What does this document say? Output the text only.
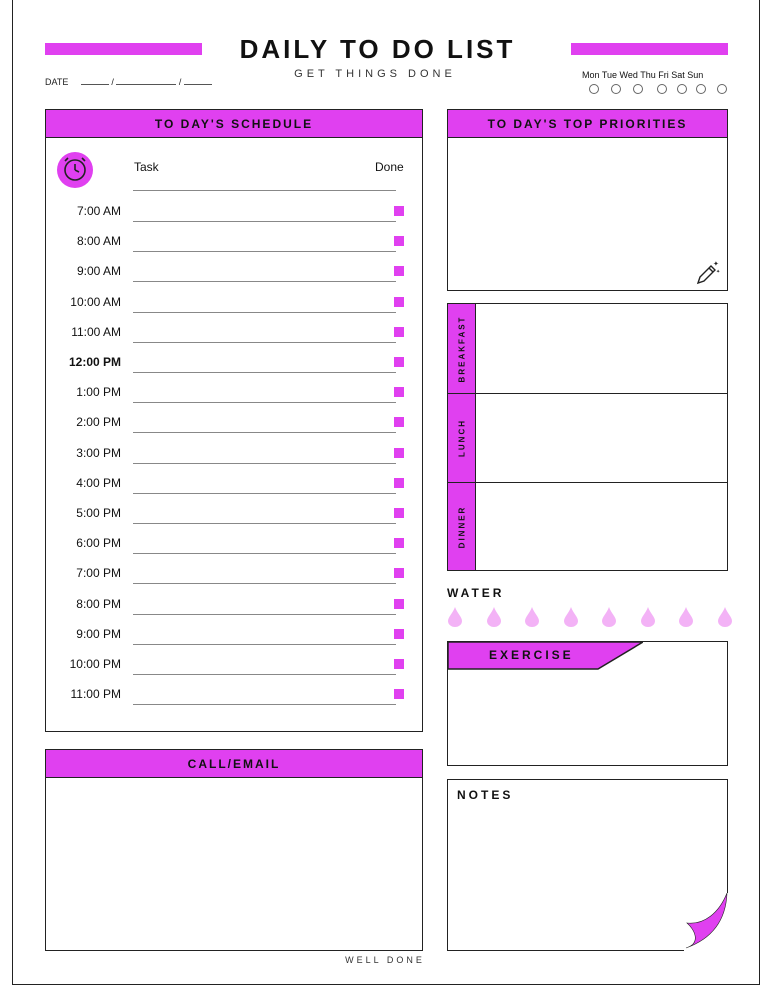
DAILY TO DO LIST
GET THINGS DONE
DATE	/	/
Mon Tue Wed Thu Fri Sat Sun
TO DAY'S SCHEDULE
Task	Done
7:00 AM
8:00 AM
9:00 AM
10:00 AM
11:00 AM
12:00 PM
1:00 PM
2:00 PM
3:00 PM
4:00 PM
5:00 PM
6:00 PM
7:00 PM
8:00 PM
9:00 PM
10:00 PM
11:00 PM
TO DAY'S TOP PRIORITIES
✦
✦
BREAKFAST
LUNCH
DINNER
WATER
EXERCISE
CALL/EMAIL
NOTES
WELL DONE
